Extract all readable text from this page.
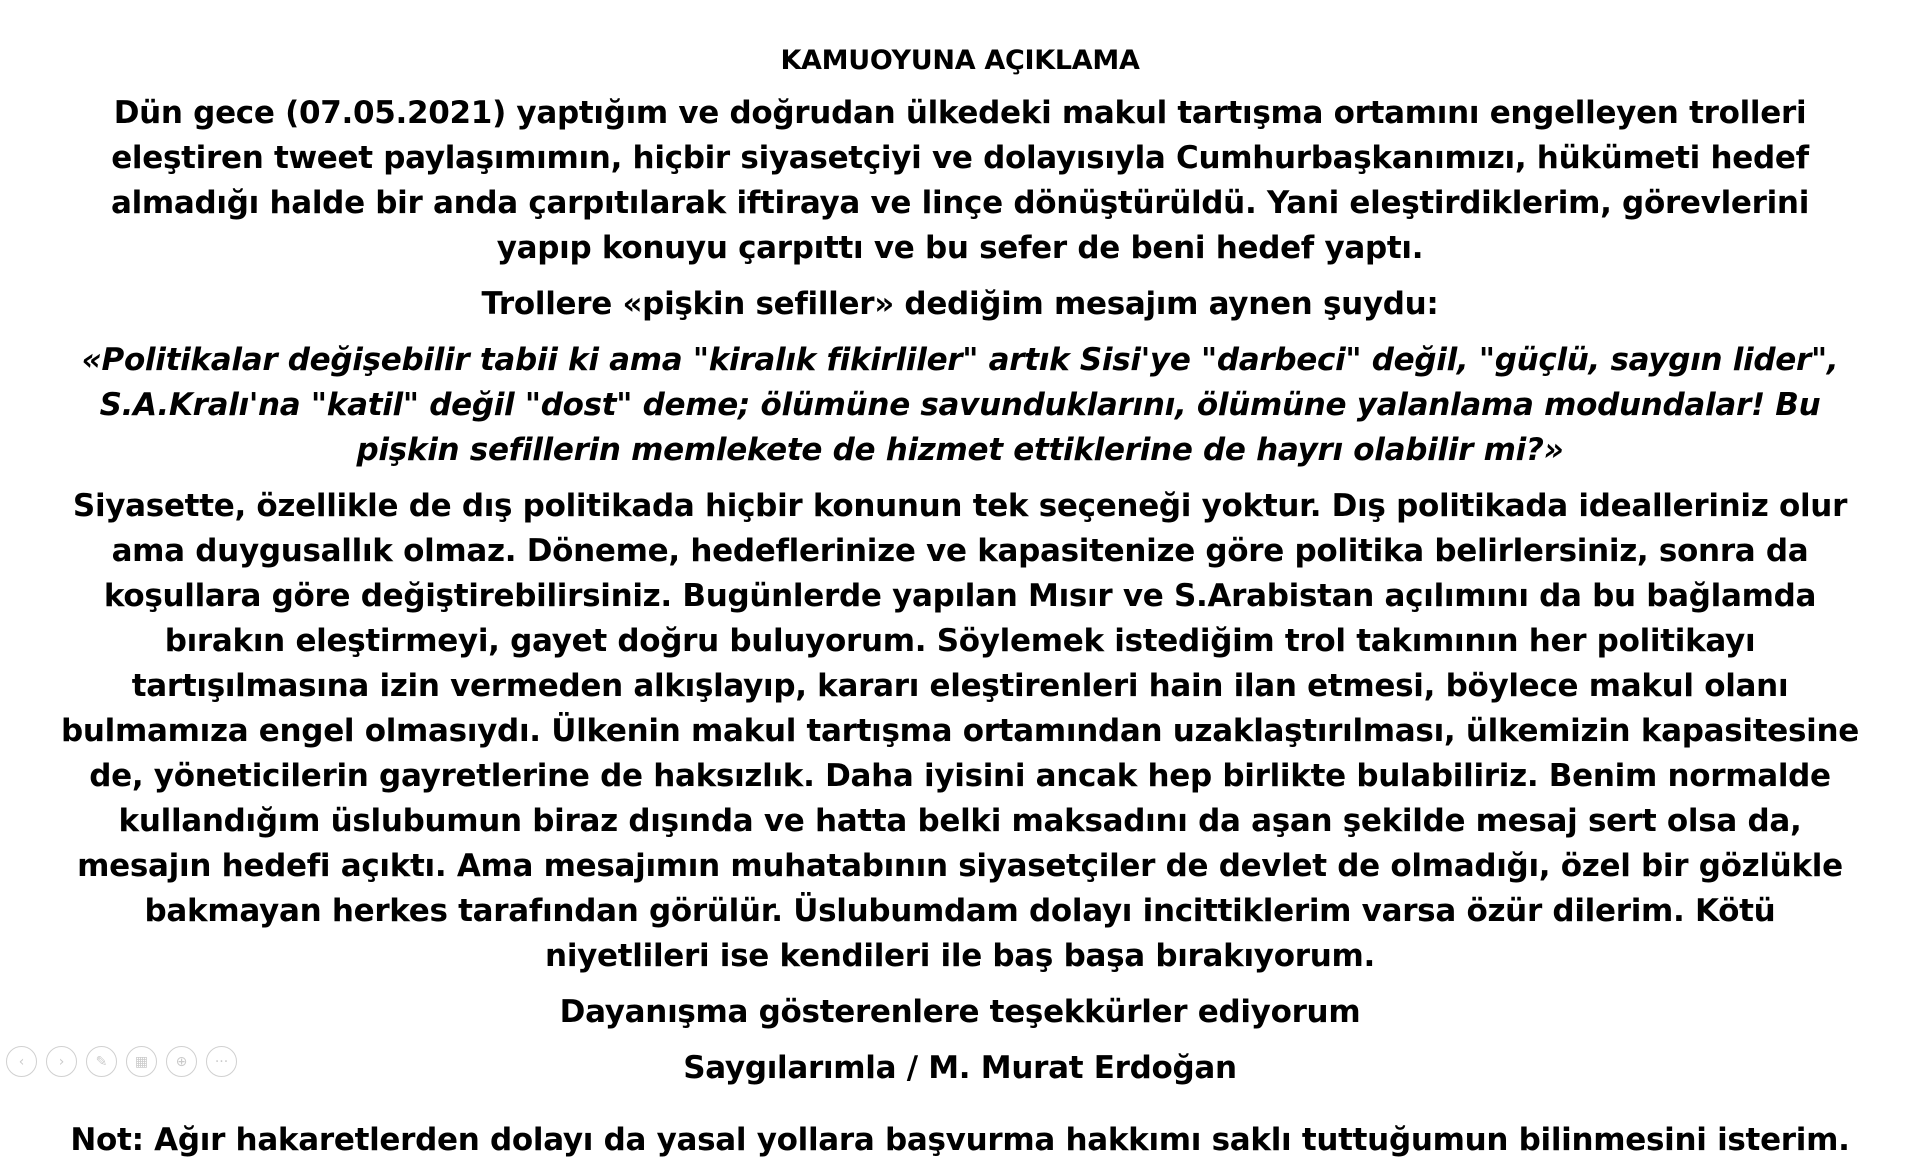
KAMUOYUNA AÇIKLAMA
Dün gece (07.05.2021) yaptığım ve doğrudan ülkedeki makul tartışma ortamını engelleyen trolleri eleştiren tweet paylaşımımın, hiçbir siyasetçiyi ve dolayısıyla Cumhurbaşkanımızı, hükümeti hedef almadığı halde bir anda çarpıtılarak iftiraya ve linçe dönüştürüldü. Yani eleştirdiklerim, görevlerini yapıp konuyu çarpıttı ve bu sefer de beni hedef yaptı.
Trollere «pişkin sefiller» dediğim mesajım aynen şuydu:
«Politikalar değişebilir tabii ki ama "kiralık fikirliler" artık Sisi'ye "darbeci" değil, "güçlü, saygın lider", S.A.Kralı'na "katil" değil "dost" deme; ölümüne savunduklarını, ölümüne yalanlama modundalar! Bu pişkin sefillerin memlekete de hizmet ettiklerine de hayrı olabilir mi?»
Siyasette, özellikle de dış politikada hiçbir konunun tek seçeneği yoktur. Dış politikada idealleriniz olur ama duygusallık olmaz. Döneme, hedeflerinize ve kapasitenize göre politika belirlersiniz, sonra da koşullara göre değiştirebilirsiniz. Bugünlerde yapılan Mısır ve S.Arabistan açılımını da bu bağlamda bırakın eleştirmeyi, gayet doğru buluyorum. Söylemek istediğim trol takımının her politikayı tartışılmasına izin vermeden alkışlayıp, kararı eleştirenleri hain ilan etmesi, böylece makul olanı bulmamıza engel olmasıydı. Ülkenin makul tartışma ortamından uzaklaştırılması, ülkemizin kapasitesine de, yöneticilerin gayretlerine de haksızlık. Daha iyisini ancak hep birlikte bulabiliriz. Benim normalde kullandığım üslubumun biraz dışında ve hatta belki maksadını da aşan şekilde mesaj sert olsa da, mesajın hedefi açıktı. Ama mesajımın muhatabının siyasetçiler de devlet de olmadığı, özel bir gözlükle bakmayan herkes tarafından görülür. Üslubumdam dolayı incittiklerim varsa özür dilerim. Kötü niyetlileri ise kendileri ile baş başa bırakıyorum.
Dayanışma gösterenlere teşekkürler ediyorum
Saygılarımla / M. Murat Erdoğan
Not: Ağır hakaretlerden dolayı da yasal yollara başvurma hakkımı saklı tuttuğumun bilinmesini isterim.
‹	›	✎	▦	⊕	···
